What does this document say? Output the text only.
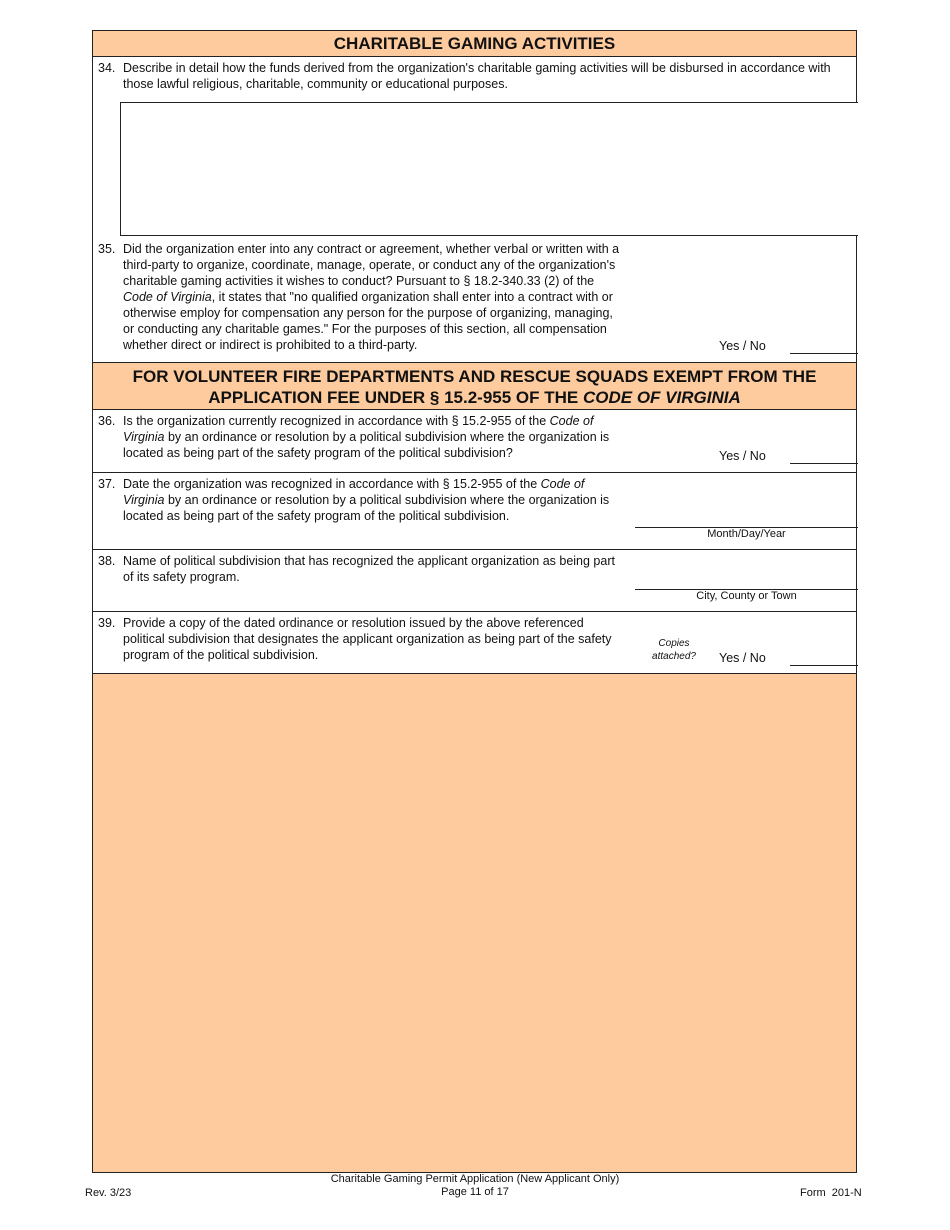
CHARITABLE GAMING ACTIVITIES
34. Describe in detail how the funds derived from the organization's charitable gaming activities will be disbursed in accordance with
those lawful religious, charitable, community or educational purposes.
35. Did the organization enter into any contract or agreement, whether verbal or written with a
third-party to organize, coordinate, manage, operate, or conduct any of the organization's
charitable gaming activities it wishes to conduct? Pursuant to § 18.2-340.33 (2) of the
Code of Virginia, it states that "no qualified organization shall enter into a contract with or
otherwise employ for compensation any person for the purpose of organizing, managing,
or conducting any charitable games." For the purposes of this section, all compensation
whether direct or indirect is prohibited to a third-party.	Yes / No
FOR VOLUNTEER FIRE DEPARTMENTS AND RESCUE SQUADS EXEMPT FROM THE
APPLICATION FEE UNDER § 15.2-955 OF THE CODE OF VIRGINIA
36. Is the organization currently recognized in accordance with § 15.2-955 of the Code of
Virginia by an ordinance or resolution by a political subdivision where the organization is
located as being part of the safety program of the political subdivision?	Yes / No
37. Date the organization was recognized in accordance with § 15.2-955 of the Code of
Virginia by an ordinance or resolution by a political subdivision where the organization is
located as being part of the safety program of the political subdivision.
Month/Day/Year
38. Name of political subdivision that has recognized the applicant organization as being part
of its safety program.
City, County or Town
39. Provide a copy of the dated ordinance or resolution issued by the above referenced
political subdivision that designates the applicant organization as being part of the safety
program of the political subdivision.
Copies
attached?	Yes / No
Rev. 3/23
Charitable Gaming Permit Application (New Applicant Only)
Page 11 of 17	Form  201-N
